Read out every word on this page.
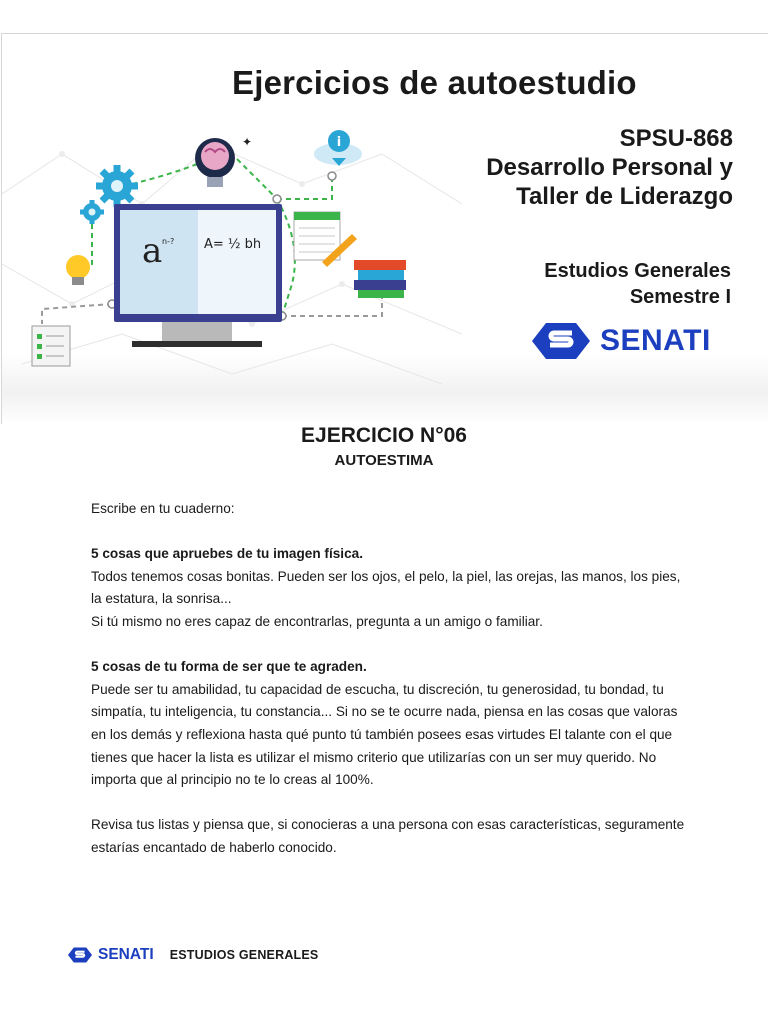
✦	i
a n-? A= ½ bh
Ejercicios de autoestudio
SPSU-868
Desarrollo Personal y
Taller de Liderazgo
Estudios Generales
Semestre I
SENATI
EJERCICIO N°06
AUTOESTIMA

Escribe en tu cuaderno:

5 cosas que apruebes de tu imagen física.

Todos tenemos cosas bonitas. Pueden ser los ojos, el pelo, la piel, las orejas, las manos, los pies, la estatura, la sonrisa...

Si tú mismo no eres capaz de encontrarlas, pregunta a un amigo o familiar.

5 cosas de tu forma de ser que te agraden.

Puede ser tu amabilidad, tu capacidad de escucha, tu discreción, tu generosidad, tu bondad, tu simpatía, tu inteligencia, tu constancia... Si no se te ocurre nada, piensa en las cosas que valoras en los demás y reflexiona hasta qué punto tú también posees esas virtudes El talante con el que tienes que hacer la lista es utilizar el mismo criterio que utilizarías con un ser muy querido. No importa que al principio no te lo creas al 100%.

Revisa tus listas y piensa que, si conocieras a una persona con esas características, seguramente estarías encantado de haberlo conocido.

SENATI ESTUDIOS GENERALES
